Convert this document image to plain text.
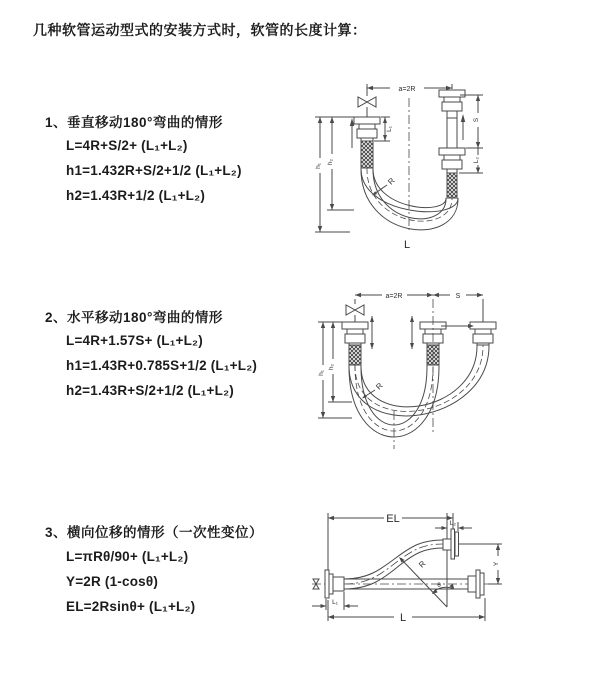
几种软管运动型式的安装方式时，软管的长度计算：
1、垂直移动180°弯曲的情形
L=4R+S/2+ (L₁+L₂)
h1=1.432R+S/2+1/2 (L₁+L₂)
h2=1.43R+1/2 (L₁+L₂)
2、水平移动180°弯曲的情形
L=4R+1.57S+ (L₁+L₂)
h1=1.43R+0.785S+1/2 (L₁+L₂)
h2=1.43R+S/2+1/2 (L₁+L₂)
3、横向位移的情形（一次性变位）
L=πRθ/90+ (L₁+L₂)
Y=2R (1-cosθ)
EL=2Rsinθ+ (L₁+L₂)
a=2R
L₁
h₁
h₂
S
L₂
R
L
a=2R	S
h₁
h₂
R
EL	L₂
Y
R
θ
L
L₁
